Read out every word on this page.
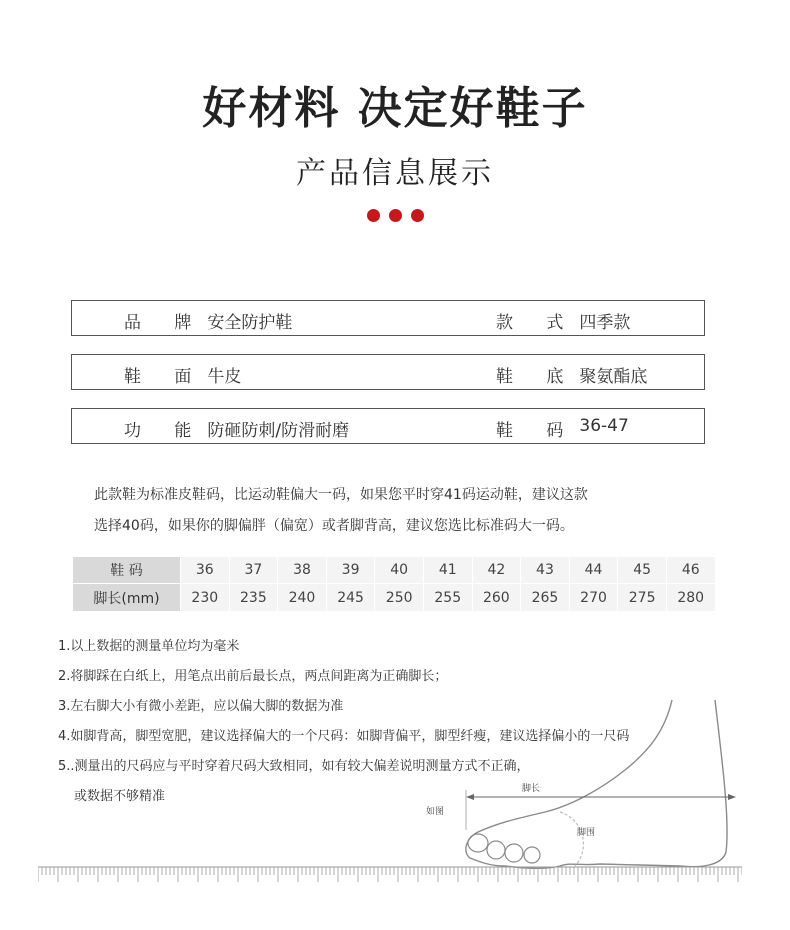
好材料 决定好鞋子
产品信息展示
品 牌 安全防护鞋	款 式 四季款
鞋 面 牛皮	鞋 底 聚氨酯底
功 能 防砸防刺/防滑耐磨	鞋 码 36-47
此款鞋为标准皮鞋码，比运动鞋偏大一码，如果您平时穿41码运动鞋，建议这款
选择40码，如果你的脚偏胖（偏宽）或者脚背高，建议您选比标准码大一码。
鞋 码	36	37	38	39	40	41	42	43	44	45	46
脚长(mm)	230	235	240	245	250	255	260	265	270	275	280
脚长
脚围
如图
1.以上数据的测量单位均为毫米
2.将脚踩在白纸上，用笔点出前后最长点，两点间距离为正确脚长；
3.左右脚大小有微小差距，应以偏大脚的数据为准
4.如脚背高，脚型宽肥，建议选择偏大的一个尺码：如脚背偏平，脚型纤瘦，建议选择偏小的一尺码
5..测量出的尺码应与平时穿着尺码大致相同，如有较大偏差说明测量方式不正确，
或数据不够精准
